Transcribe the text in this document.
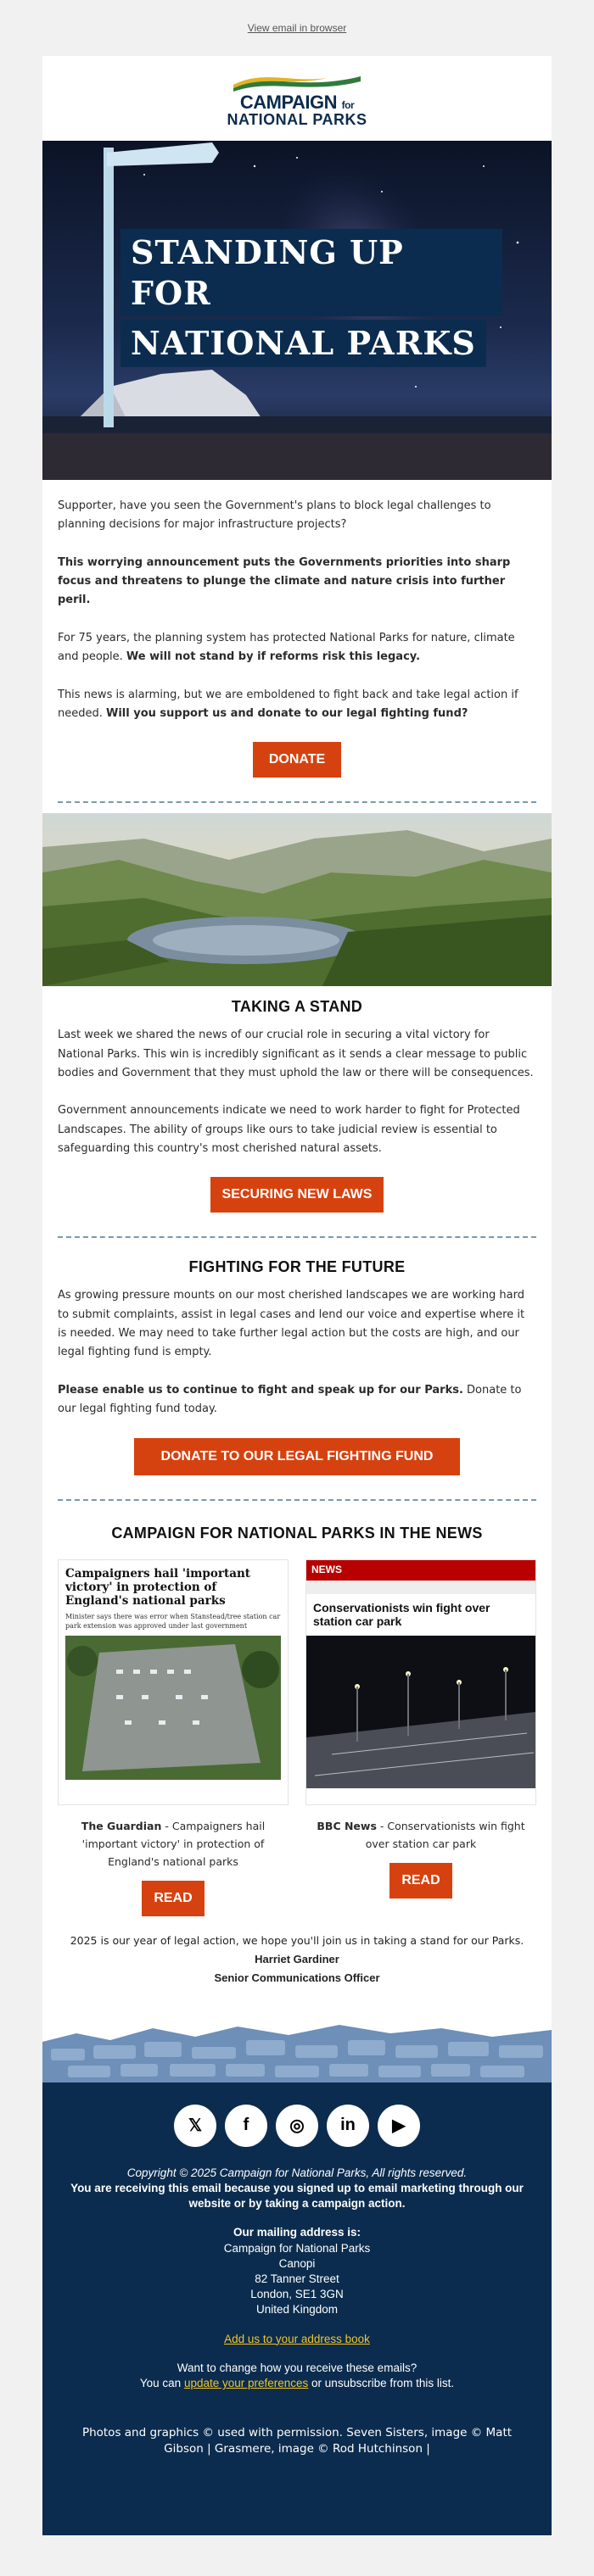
View email in browser
CAMPAIGN for
NATIONAL PARKS
STANDING UP FOR
NATIONAL PARKS

Supporter, have you seen the Government's plans to block legal challenges to planning decisions for major infrastructure projects?

This worrying announcement puts the Governments priorities into sharp focus and threatens to plunge the climate and nature crisis into further peril.

For 75 years, the planning system has protected National Parks for nature, climate and people. We will not stand by if reforms risk this legacy.

This news is alarming, but we are emboldened to fight back and take legal action if needed. Will you support us and donate to our legal fighting fund?

DONATE
TAKING A STAND

Last week we shared the news of our crucial role in securing a vital victory for National Parks. This win is incredibly significant as it sends a clear message to public bodies and Government that they must uphold the law or there will be consequences.

Government announcements indicate we need to work harder to fight for Protected Landscapes. The ability of groups like ours to take judicial review is essential to safeguarding this country's most cherished natural assets.

SECURING NEW LAWS
FIGHTING FOR THE FUTURE

As growing pressure mounts on our most cherished landscapes we are working hard to submit complaints, assist in legal cases and lend our voice and expertise where it is needed. We may need to take further legal action but the costs are high, and our legal fighting fund is empty.

Please enable us to continue to fight and speak up for our Parks. Donate to our legal fighting fund today.

DONATE TO OUR LEGAL FIGHTING FUND
CAMPAIGN FOR NATIONAL PARKS IN THE NEWS
Campaigners hail 'important victory' in protection of England's national parks
Minister says there was error when Stanstead/tree station car park extension was approved under last government

The Guardian - Campaigners hail 'important victory' in protection of England's national parks

READ
NEWS
Conservationists win fight over station car park

BBC News - Conservationists win fight over station car park

READ
2025 is our year of legal action, we hope you'll join us in taking a stand for our Parks.
Harriet Gardiner
Senior Communications Officer
𝕏	f	◎	in	▶

Copyright © 2025 Campaign for National Parks, All rights reserved.

You are receiving this email because you signed up to email marketing through our website or by taking a campaign action.

Our mailing address is:

Campaign for National Parks

Canopi

82 Tanner Street

London, SE1 3GN

United Kingdom

Add us to your address book

Want to change how you receive these emails?

You can update your preferences or unsubscribe from this list.

Photos and graphics © used with permission. Seven Sisters, image © Matt Gibson | Grasmere, image © Rod Hutchinson |
